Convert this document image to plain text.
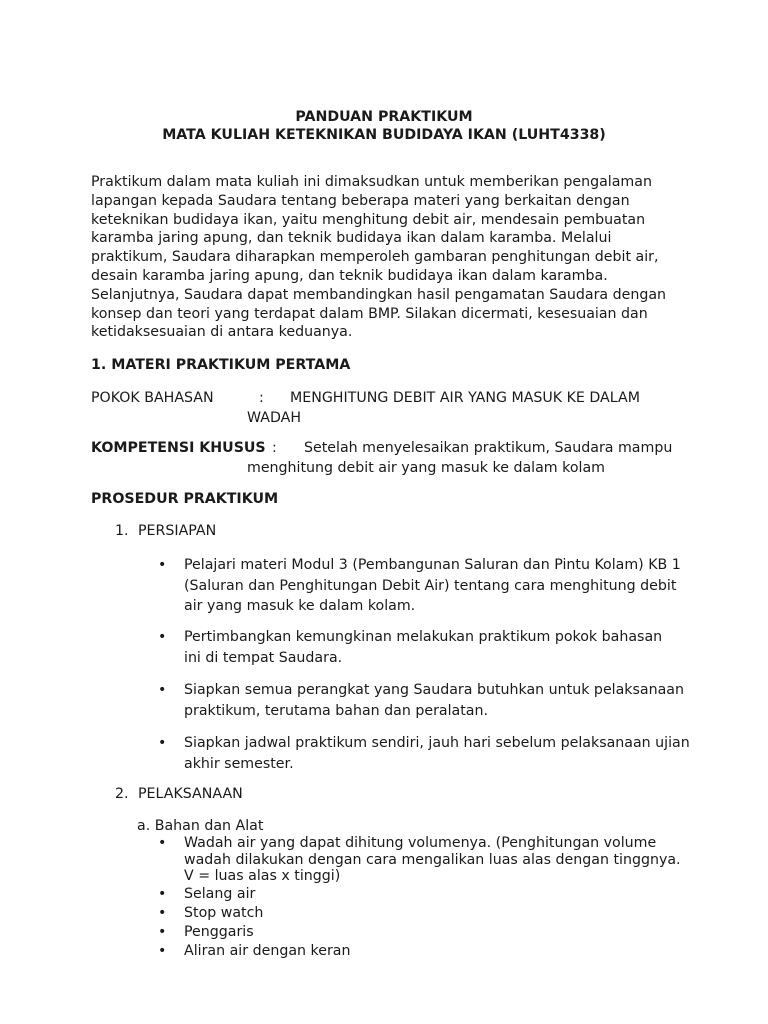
PANDUAN PRAKTIKUM
MATA KULIAH KETEKNIKAN BUDIDAYA IKAN (LUHT4338)

Praktikum dalam mata kuliah ini dimaksudkan untuk memberikan pengalaman lapangan kepada Saudara tentang beberapa materi yang berkaitan dengan keteknikan budidaya ikan, yaitu menghitung debit air, mendesain pembuatan karamba jaring apung, dan teknik budidaya ikan dalam karamba. Melalui praktikum, Saudara diharapkan memperoleh gambaran penghitungan debit air, desain karamba jaring apung, dan teknik budidaya ikan dalam karamba. Selanjutnya, Saudara dapat membandingkan hasil pengamatan Saudara dengan konsep dan teori yang terdapat dalam BMP. Silakan dicermati, kesesuaian dan ketidaksesuaian di antara keduanya.

1. MATERI PRAKTIKUM PERTAMA
POKOK BAHASAN	: MENGHITUNG DEBIT AIR YANG MASUK KE DALAM
WADAH
KOMPETENSI KHUSUS : Setelah menyelesaikan praktikum, Saudara mampu
menghitung debit air yang masuk ke dalam kolam
PROSEDUR PRAKTIKUM
1. PERSIAPAN
• Pelajari materi Modul 3 (Pembangunan Saluran dan Pintu Kolam) KB 1
(Saluran dan Penghitungan Debit Air) tentang cara menghitung debit
air yang masuk ke dalam kolam.
• Pertimbangkan kemungkinan melakukan praktikum pokok bahasan
ini di tempat Saudara.
• Siapkan semua perangkat yang Saudara butuhkan untuk pelaksanaan
praktikum, terutama bahan dan peralatan.
• Siapkan jadwal praktikum sendiri, jauh hari sebelum pelaksanaan ujian
akhir semester.
2. PELAKSANAAN
a. Bahan dan Alat
• Wadah air yang dapat dihitung volumenya. (Penghitungan volume
wadah dilakukan dengan cara mengalikan luas alas dengan tinggnya.
V = luas alas x tinggi)
• Selang air
• Stop watch
• Penggaris
• Aliran air dengan keran
